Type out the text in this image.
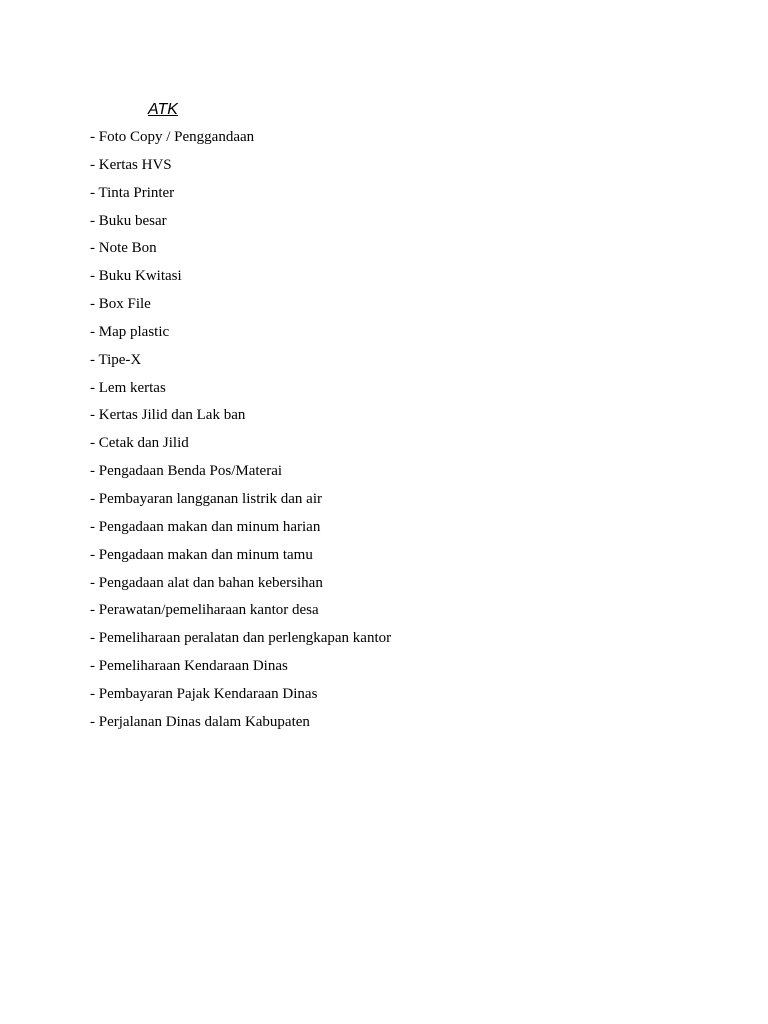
ATK
- Foto Copy / Penggandaan
- Kertas HVS
- Tinta Printer
- Buku besar
- Note Bon
- Buku Kwitasi
- Box File
- Map plastic
- Tipe-X
- Lem kertas
- Kertas Jilid dan Lak ban
- Cetak dan Jilid
- Pengadaan Benda Pos/Materai
- Pembayaran langganan listrik dan air
- Pengadaan makan dan minum harian
- Pengadaan makan dan minum tamu
- Pengadaan alat dan bahan kebersihan
- Perawatan/pemeliharaan kantor desa
- Pemeliharaan peralatan dan perlengkapan kantor
- Pemeliharaan Kendaraan Dinas
- Pembayaran Pajak Kendaraan Dinas
- Perjalanan Dinas dalam Kabupaten
